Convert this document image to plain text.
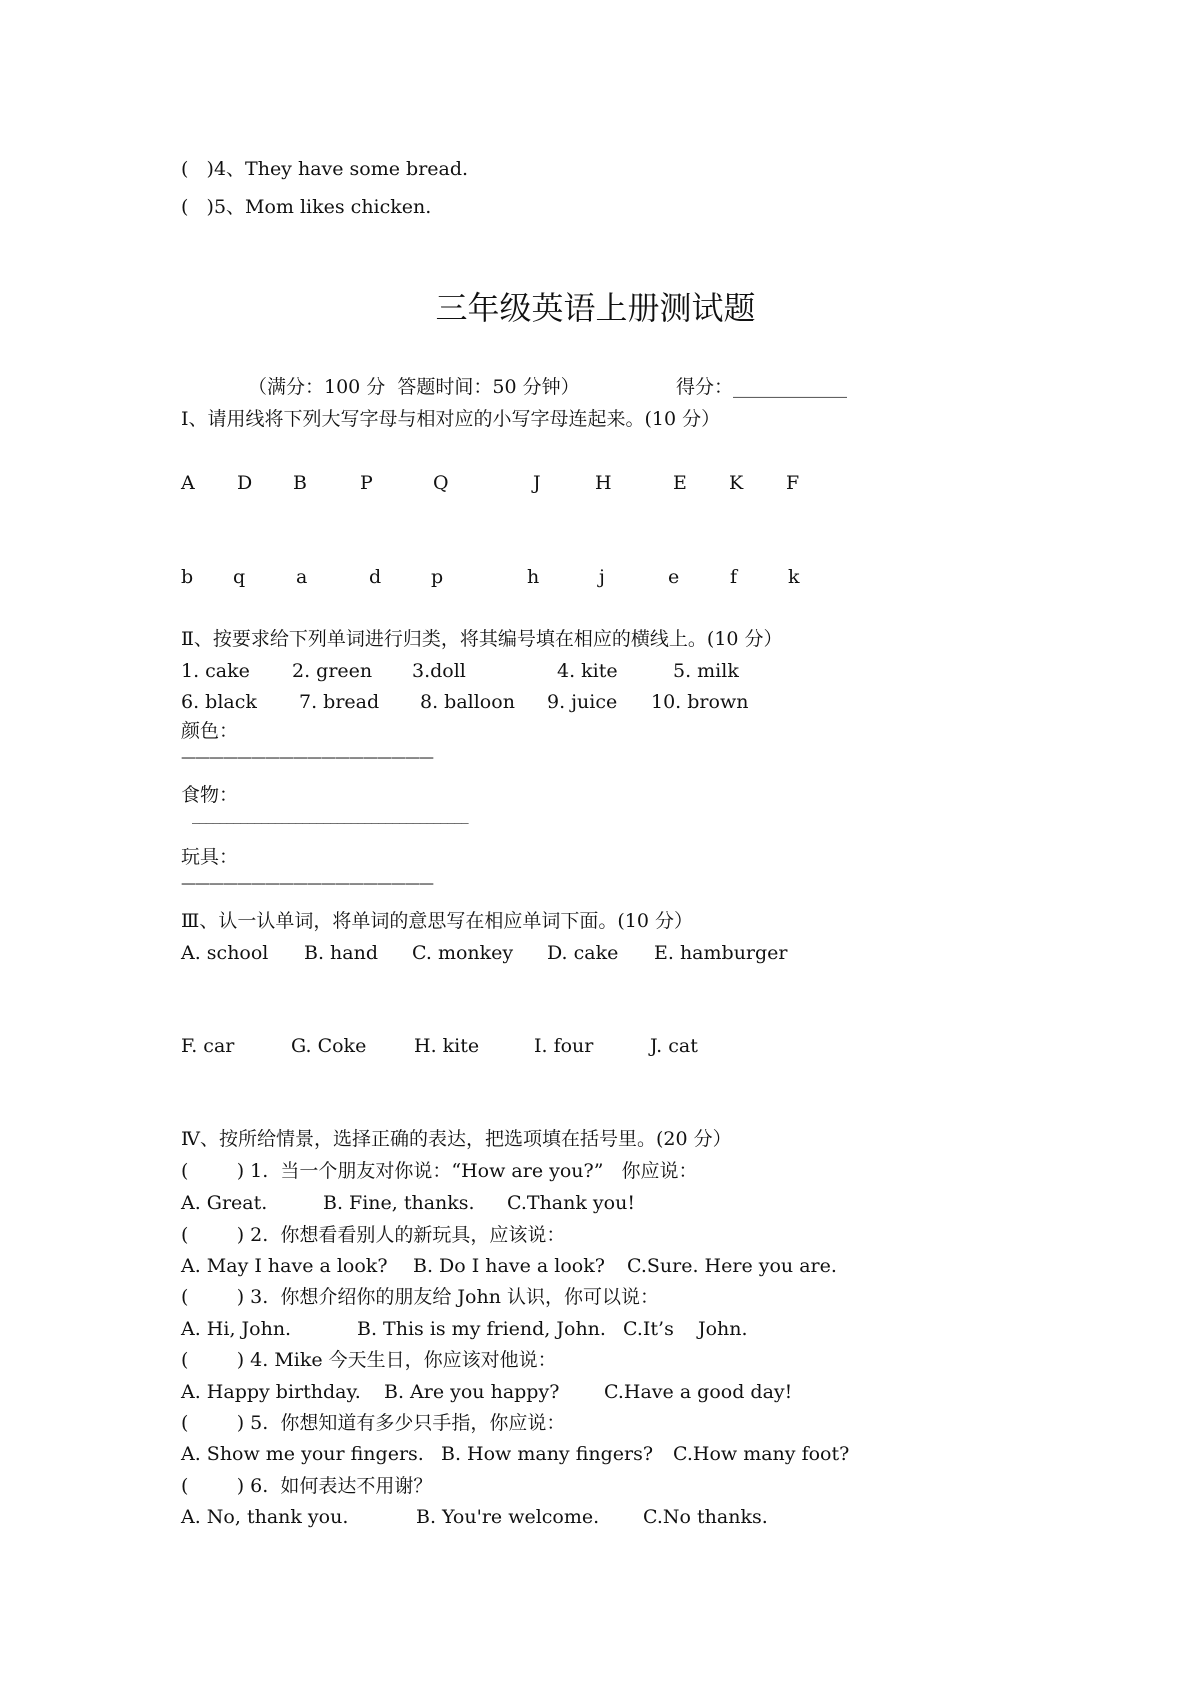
(   )4、They have some bread.
(   )5、Mom likes chicken.
三年级英语上册测试题
（满分：100 分  答题时间：50 分钟）	得分：____________
Ⅰ、请用线将下列大写字母与相对应的小写字母连起来。(10 分）
A D B	P	Q	J	H	E K F
b q	a	d	p	h	j	e	f	k
Ⅱ、按要求给下列单词进行归类，将其编号填在相应的横线上。(10 分）
1. cake 2. green 3.doll	4. kite	5. milk
6. black 7. bread 8. balloon 9. juice 10. brown
颜色：
——————————————————
食物：
________________________________________
玩具：
——————————————————
Ⅲ、认一认单词，将单词的意思写在相应单词下面。(10 分）
A. school B. hand C. monkey D. cake E. hamburger
F. car	G. Coke	H. kite	I. four	J. cat
Ⅳ、按所给情景，选择正确的表达，把选项填在括号里。(20 分）
(        ) 1.  当一个朋友对你说：“How are you?”   你应说：
A. Great.	B. Fine, thanks. C.Thank you!
(        ) 2.  你想看看别人的新玩具，应该说：
A. May I have a look? B. Do I have a look? C.Sure. Here you are.
(        ) 3.  你想介绍你的朋友给 John 认识，你可以说：
A. Hi, John.	B. This is my friend, John. C.It’s    John.
(        ) 4. Mike 今天生日，你应该对他说：
A. Happy birthday. B. Are you happy? C.Have a good day!
(        ) 5.  你想知道有多少只手指，你应说：
A. Show me your fingers. B. How many fingers? C.How many foot?
(        ) 6.  如何表达不用谢？
A. No, thank you.	B. You're welcome. C.No thanks.
